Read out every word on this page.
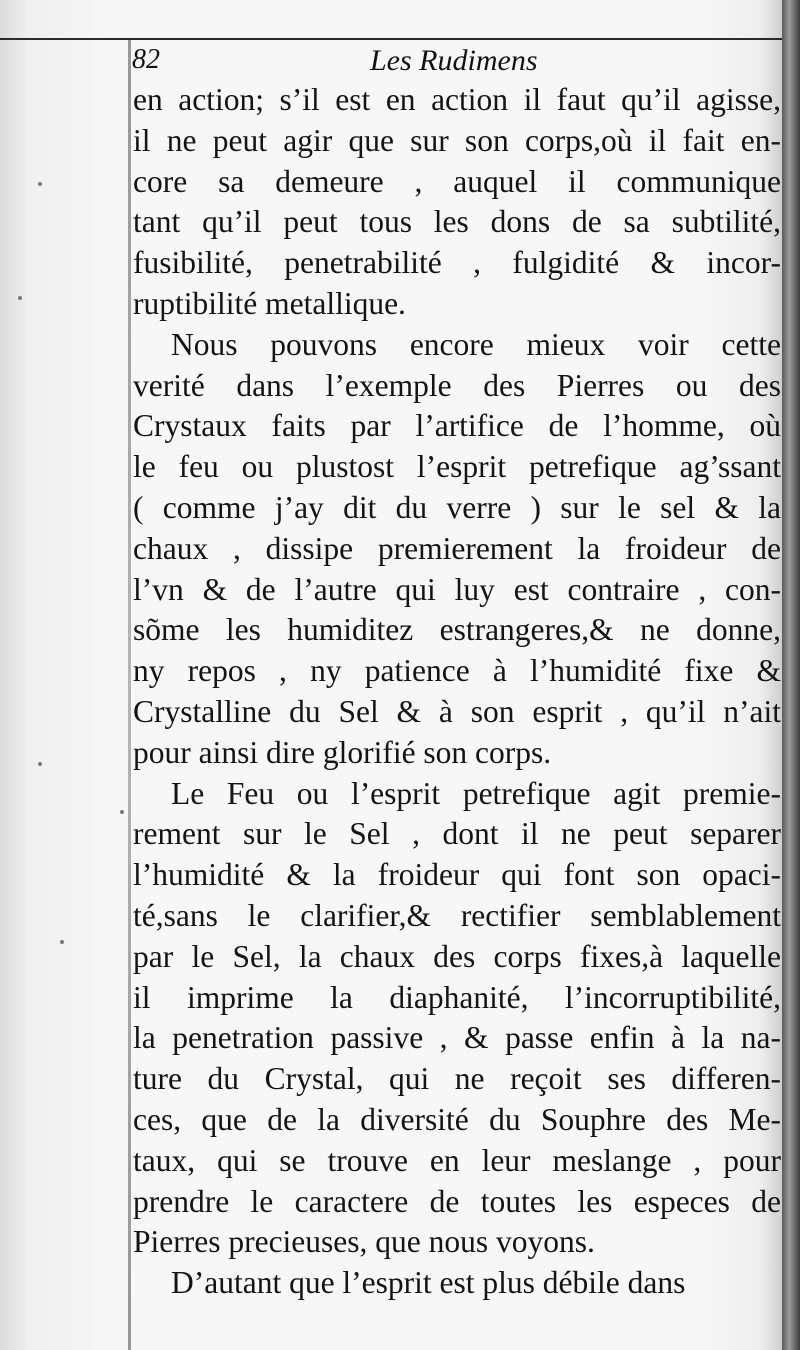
82	Les Rudimens
en action; s’il est en action il faut qu’il agisse,
il ne peut agir que sur son corps,où il fait en-
core sa demeure , auquel il communique
tant qu’il peut tous les dons de sa subtilité,
fusibilité, penetrabilité , fulgidité & incor-
ruptibilité metallique.
Nous pouvons encore mieux voir cette
verité dans l’exemple des Pierres ou des
Crystaux faits par l’artifice de l’homme, où
le feu ou plustost l’esprit petrefique ag’ssant
( comme j’ay dit du verre ) sur le sel & la
chaux , dissipe premierement la froideur de
l’vn & de l’autre qui luy est contraire , con-
sõme les humiditez estrangeres,& ne donne,
ny repos , ny patience à l’humidité fixe &
Crystalline du Sel & à son esprit , qu’il n’ait
pour ainsi dire glorifié son corps.
Le Feu ou l’esprit petrefique agit premie-
rement sur le Sel , dont il ne peut separer
l’humidité & la froideur qui font son opaci-
té,sans le clarifier,& rectifier semblablement
par le Sel, la chaux des corps fixes,à laquelle
il imprime la diaphanité, l’incorruptibilité,
la penetration passive , & passe enfin à la na-
ture du Crystal, qui ne reçoit ses differen-
ces, que de la diversité du Souphre des Me-
taux, qui se trouve en leur meslange , pour
prendre le caractere de toutes les especes de
Pierres precieuses, que nous voyons.
D’autant que l’esprit est plus débile dans
